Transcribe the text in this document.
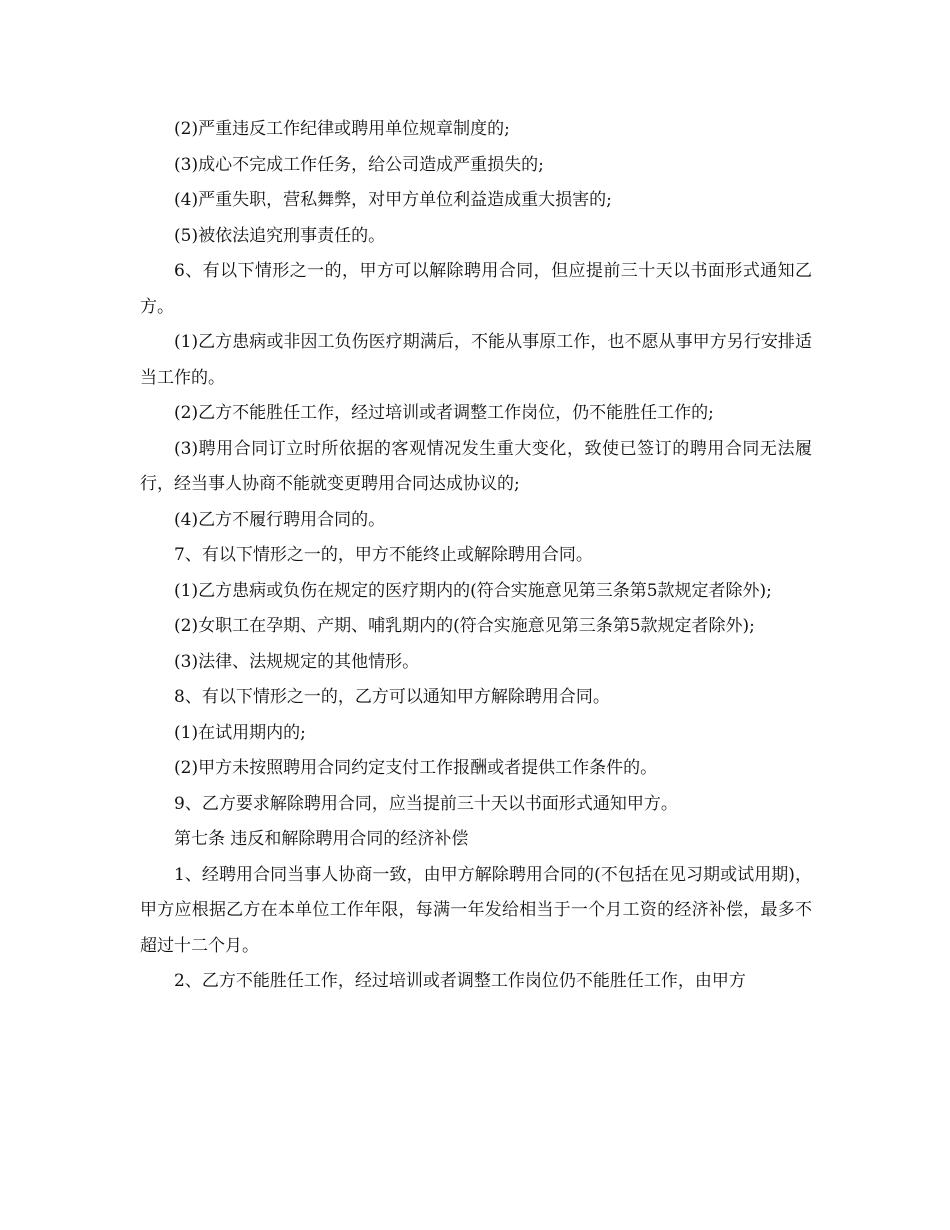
(2)严重违反工作纪律或聘用单位规章制度的;

(3)成心不完成工作任务，给公司造成严重损失的;

(4)严重失职，营私舞弊，对甲方单位利益造成重大损害的;

(5)被依法追究刑事责任的。

6、有以下情形之一的，甲方可以解除聘用合同，但应提前三十天以书面形式通知乙方。

(1)乙方患病或非因工负伤医疗期满后，不能从事原工作，也不愿从事甲方另行安排适当工作的。

(2)乙方不能胜任工作，经过培训或者调整工作岗位，仍不能胜任工作的;

(3)聘用合同订立时所依据的客观情况发生重大变化，致使已签订的聘用合同无法履行，经当事人协商不能就变更聘用合同达成协议的;

(4)乙方不履行聘用合同的。

7、有以下情形之一的，甲方不能终止或解除聘用合同。

(1)乙方患病或负伤在规定的医疗期内的(符合实施意见第三条第5款规定者除外);

(2)女职工在孕期、产期、哺乳期内的(符合实施意见第三条第5款规定者除外);

(3)法律、法规规定的其他情形。

8、有以下情形之一的，乙方可以通知甲方解除聘用合同。

(1)在试用期内的;

(2)甲方未按照聘用合同约定支付工作报酬或者提供工作条件的。

9、乙方要求解除聘用合同，应当提前三十天以书面形式通知甲方。

第七条 违反和解除聘用合同的经济补偿

1、经聘用合同当事人协商一致，由甲方解除聘用合同的(不包括在见习期或试用期)，甲方应根据乙方在本单位工作年限，每满一年发给相当于一个月工资的经济补偿，最多不超过十二个月。

2、乙方不能胜任工作，经过培训或者调整工作岗位仍不能胜任工作，由甲方
